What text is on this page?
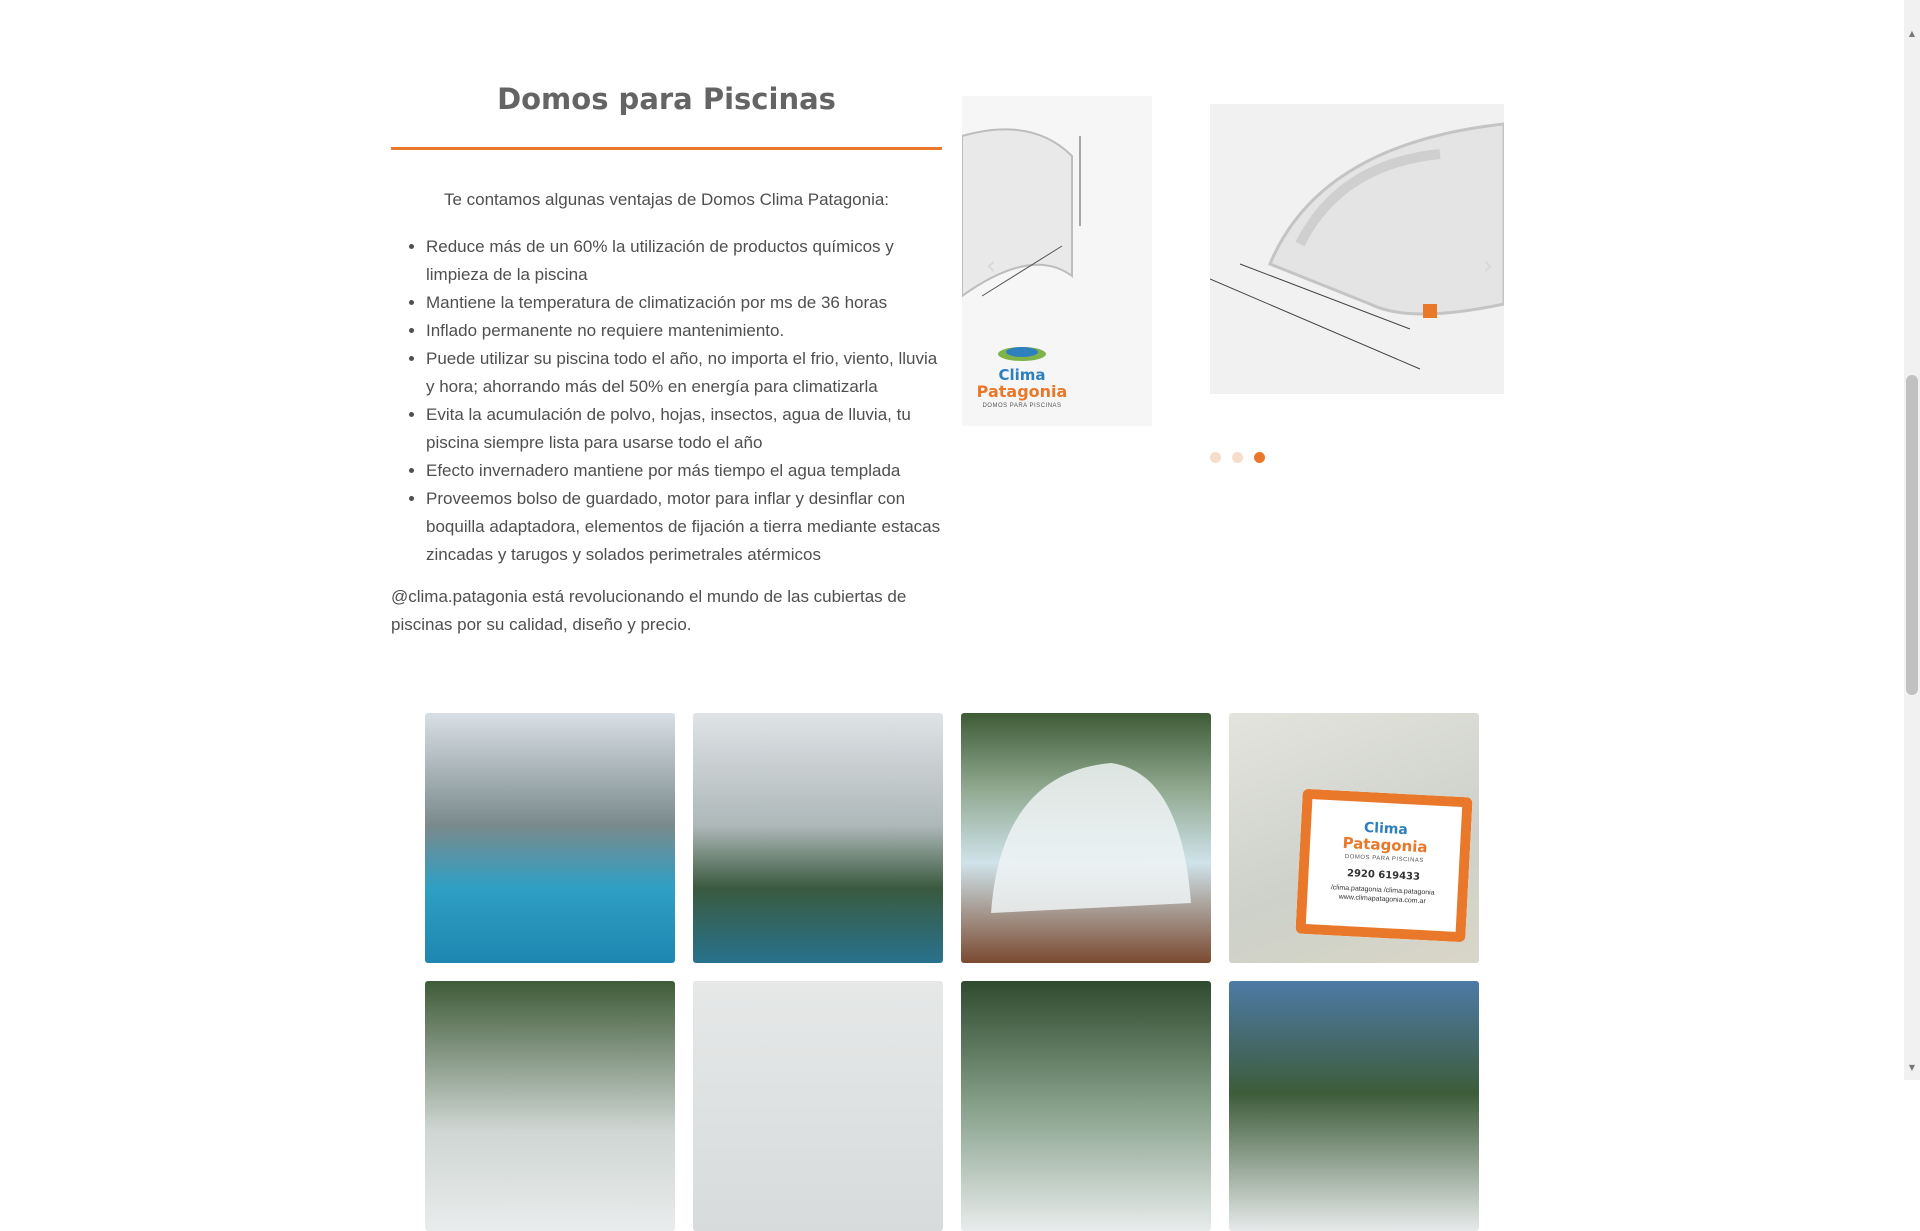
Domos para Piscinas

Te contamos algunas ventajas de Domos Clima Patagonia:

• Reduce más de un 60% la utilización de productos químicos y limpieza de la piscina
• Mantiene la temperatura de climatización por ms de 36 horas
• Inflado permanente no requiere mantenimiento.
• Puede utilizar su piscina todo el año, no importa el frio, viento, lluvia y hora; ahorrando más del 50% en energía para climatizarla
• Evita la acumulación de polvo, hojas, insectos, agua de lluvia, tu piscina siempre lista para usarse todo el año
• Efecto invernadero mantiene por más tiempo el agua templada
• Proveemos bolso de guardado, motor para inflar y desinflar con boquilla adaptadora, elementos de fijación a tierra mediante estacas zincadas y tarugos y solados perimetrales atérmicos

@clima.patagonia está revolucionando el mundo de las cubiertas de piscinas por su calidad, diseño y precio.

‹	›
Clima
Patagonia
DOMOS PARA PISCINAS
Clima
Patagonia
DOMOS PARA PISCINAS
2920 619433
/clima.patagonia /clima.patagonia
www.climapatagonia.com.ar
▲
▼
